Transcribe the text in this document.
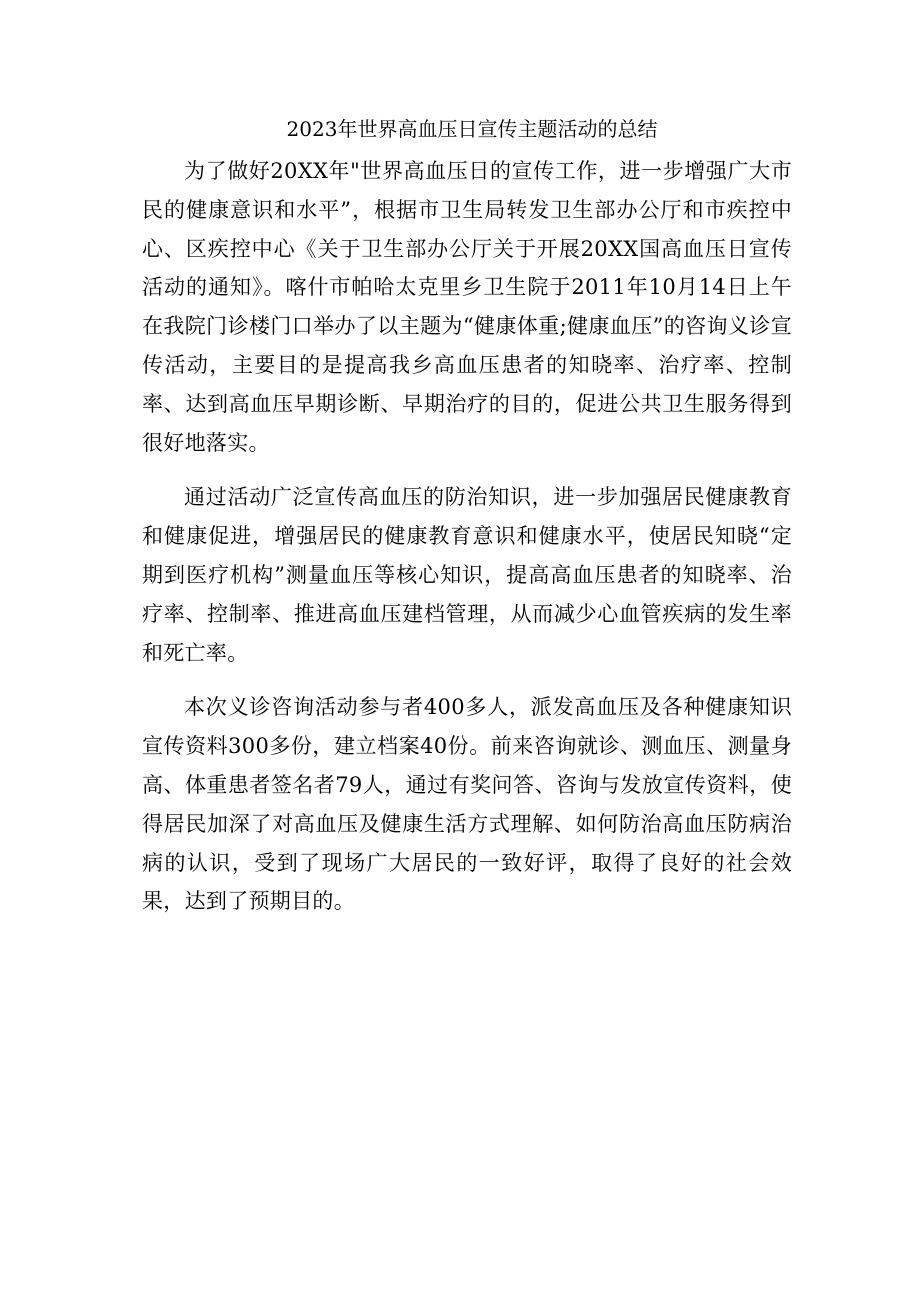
2023年世界高血压日宣传主题活动的总结

为了做好20XX年"世界高血压日的宣传工作，进一步增强广大市民的健康意识和水平”，根据市卫生局转发卫生部办公厅和市疾控中心、区疾控中心《关于卫生部办公厅关于开展20XX国高血压日宣传活动的通知》。喀什市帕哈太克里乡卫生院于2011年10月14日上午在我院门诊楼门口举办了以主题为“健康体重;健康血压”的咨询义诊宣传活动，主要目的是提高我乡高血压患者的知晓率、治疗率、控制率、达到高血压早期诊断、早期治疗的目的，促进公共卫生服务得到很好地落实。

通过活动广泛宣传高血压的防治知识，进一步加强居民健康教育和健康促进，增强居民的健康教育意识和健康水平，使居民知晓“定期到医疗机构”测量血压等核心知识，提高高血压患者的知晓率、治疗率、控制率、推进高血压建档管理，从而减少心血管疾病的发生率和死亡率。

本次义诊咨询活动参与者400多人，派发高血压及各种健康知识宣传资料300多份，建立档案40份。前来咨询就诊、测血压、测量身高、体重患者签名者79人，通过有奖问答、咨询与发放宣传资料，使得居民加深了对高血压及健康生活方式理解、如何防治高血压防病治病的认识，受到了现场广大居民的一致好评，取得了良好的社会效果，达到了预期目的。
